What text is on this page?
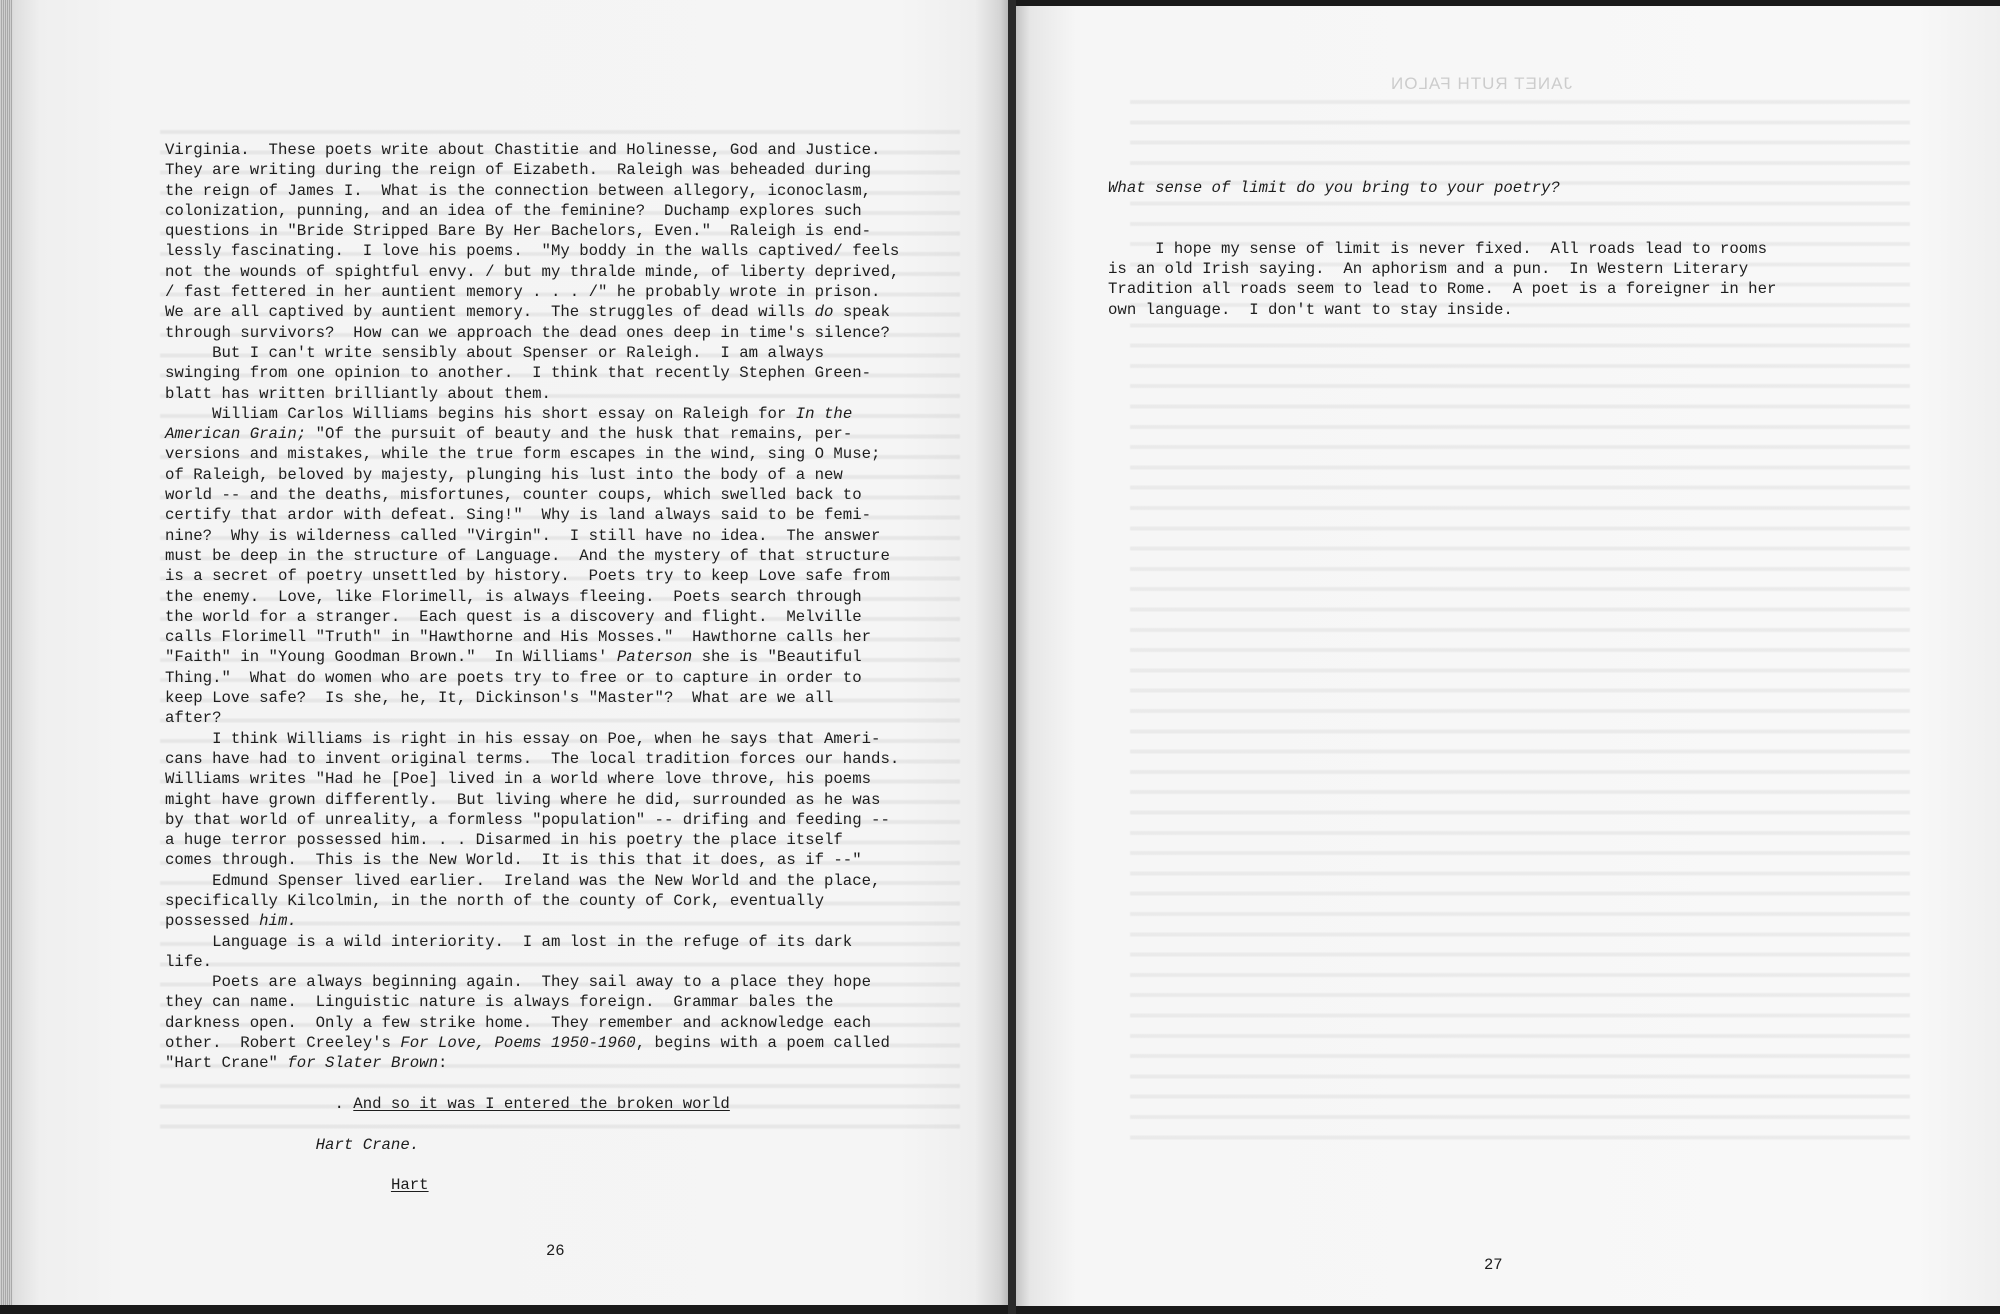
Virginia.  These poets write about Chastitie and Holinesse, God and Justice.
They are writing during the reign of Eizabeth.  Raleigh was beheaded during
the reign of James I.  What is the connection between allegory, iconoclasm,
colonization, punning, and an idea of the feminine?  Duchamp explores such
questions in "Bride Stripped Bare By Her Bachelors, Even."  Raleigh is end-
lessly fascinating.  I love his poems.  "My boddy in the walls captived/ feels
not the wounds of spightful envy. / but my thralde minde, of liberty deprived,
/ fast fettered in her auntient memory . . . /" he probably wrote in prison.
We are all captived by auntient memory.  The struggles of dead wills do speak
through survivors?  How can we approach the dead ones deep in time's silence?
But I can't write sensibly about Spenser or Raleigh.  I am always
swinging from one opinion to another.  I think that recently Stephen Green-
blatt has written brilliantly about them.
William Carlos Williams begins his short essay on Raleigh for In the
American Grain; "Of the pursuit of beauty and the husk that remains, per-
versions and mistakes, while the true form escapes in the wind, sing O Muse;
of Raleigh, beloved by majesty, plunging his lust into the body of a new
world -- and the deaths, misfortunes, counter coups, which swelled back to
certify that ardor with defeat. Sing!"  Why is land always said to be femi-
nine?  Why is wilderness called "Virgin".  I still have no idea.  The answer
must be deep in the structure of Language.  And the mystery of that structure
is a secret of poetry unsettled by history.  Poets try to keep Love safe from
the enemy.  Love, like Florimell, is always fleeing.  Poets search through
the world for a stranger.  Each quest is a discovery and flight.  Melville
calls Florimell "Truth" in "Hawthorne and His Mosses."  Hawthorne calls her
"Faith" in "Young Goodman Brown."  In Williams' Paterson she is "Beautiful
Thing."  What do women who are poets try to free or to capture in order to
keep Love safe?  Is she, he, It, Dickinson's "Master"?  What are we all
after?
I think Williams is right in his essay on Poe, when he says that Ameri-
cans have had to invent original terms.  The local tradition forces our hands.
Williams writes "Had he [Poe] lived in a world where love throve, his poems
might have grown differently.  But living where he did, surrounded as he was
by that world of unreality, a formless "population" -- drifing and feeding --
a huge terror possessed him. . . Disarmed in his poetry the place itself
comes through.  This is the New World.  It is this that it does, as if --"
Edmund Spenser lived earlier.  Ireland was the New World and the place,
specifically Kilcolmin, in the north of the county of Cork, eventually
possessed him.
Language is a wild interiority.  I am lost in the refuge of its dark
life.
Poets are always beginning again.  They sail away to a place they hope
they can name.  Linguistic nature is always foreign.  Grammar bales the
darkness open.  Only a few strike home.  They remember and acknowledge each
other.  Robert Creeley's For Love, Poems 1950-1960, begins with a poem called
"Hart Crane" for Slater Brown:
. And so it was I entered the broken world
Hart Crane.
Hart
26
JANET RUTH FALON
What sense of limit do you bring to your poetry?
I hope my sense of limit is never fixed.  All roads lead to rooms
is an old Irish saying.  An aphorism and a pun.  In Western Literary
Tradition all roads seem to lead to Rome.  A poet is a foreigner in her
own language.  I don't want to stay inside.
27
